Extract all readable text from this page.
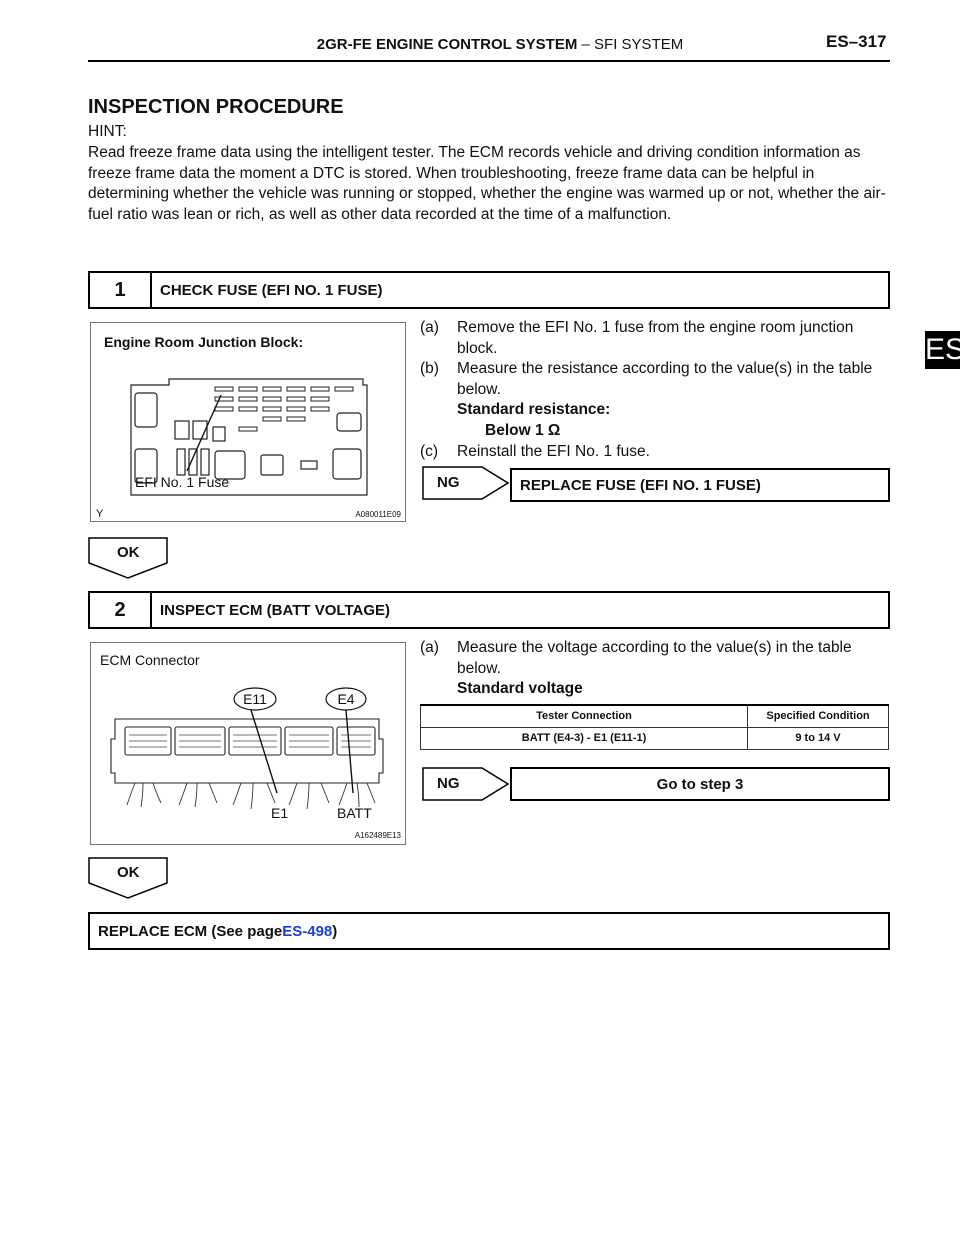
2GR-FE ENGINE CONTROL SYSTEM – SFI SYSTEM	ES–317
ES
INSPECTION PROCEDURE
HINT:
Read freeze frame data using the intelligent tester. The ECM records vehicle and driving condition information as freeze frame data the moment a DTC is stored. When troubleshooting, freeze frame data can be helpful in determining whether the vehicle was running or stopped, whether the engine was warmed up or not, whether the air-fuel ratio was lean or rich, as well as other data recorded at the time of a malfunction.
1	CHECK FUSE (EFI NO. 1 FUSE)
Engine Room Junction Block:
EFI No. 1 Fuse
Y	A080011E09
(a)	Remove the EFI No. 1 fuse from the engine room junction block.
(b)	Measure the resistance according to the value(s) in the table below.
Standard resistance:
Below 1 Ω
(c)	Reinstall the EFI No. 1 fuse.
NG	REPLACE FUSE (EFI NO. 1 FUSE)
OK
2	INSPECT ECM (BATT VOLTAGE)
ECM Connector
E11	E4
E1	BATT
A162489E13
(a)	Measure the voltage according to the value(s) in the table below.
Standard voltage
Tester Connection	Specified Condition
BATT (E4-3) - E1 (E11-1)	9 to 14 V
NG	Go to step 3
OK
REPLACE ECM (See page ES-498 )
